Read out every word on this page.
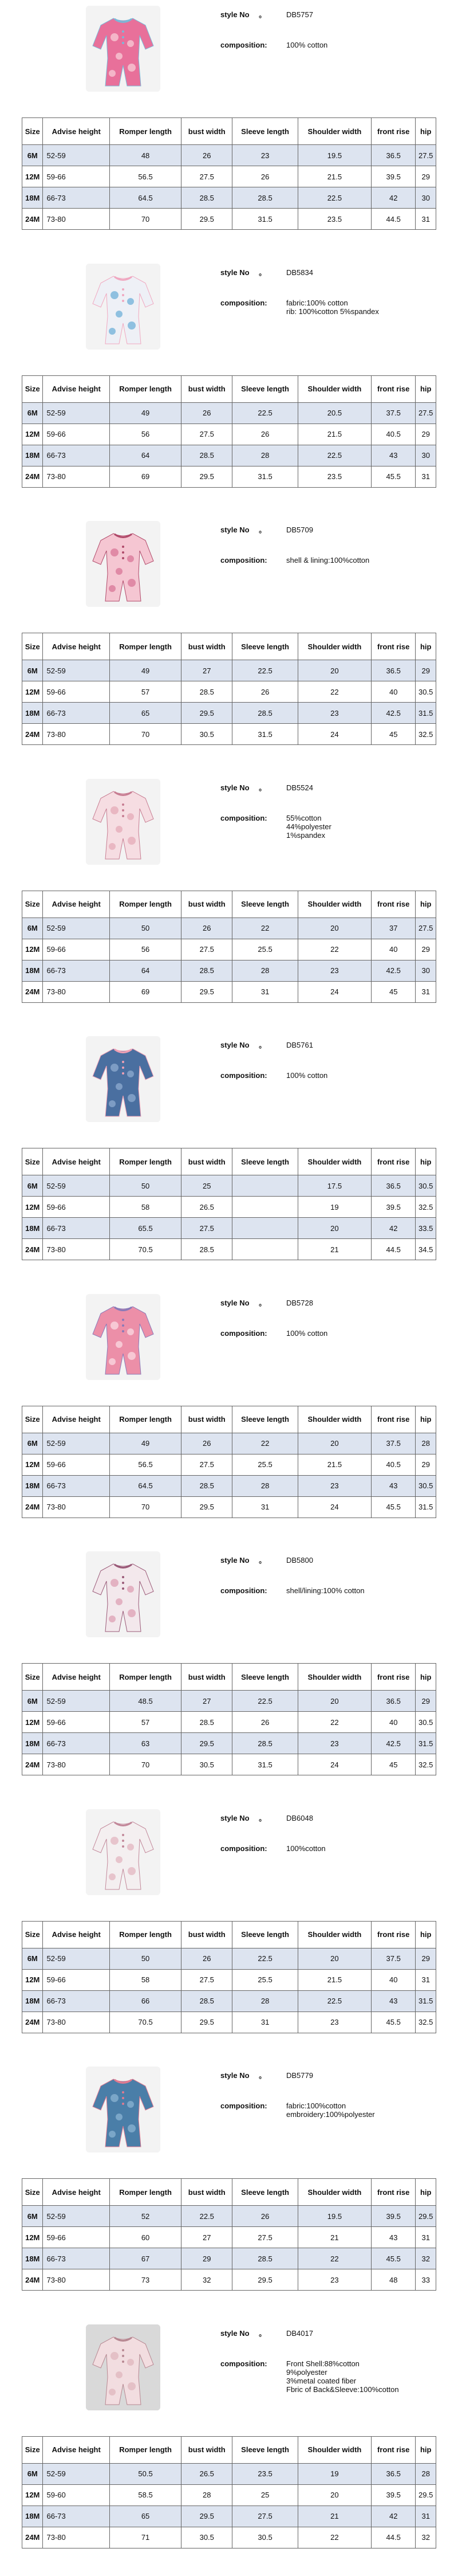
style No 　。	DB5757
composition:	100% cotton
Size	Advise height	Romper length	bust width	Sleeve length	Shoulder width	front rise	hip
6M	52-59	48	26	23	19.5	36.5	27.5
12M	59-66	56.5	27.5	26	21.5	39.5	29
18M	66-73	64.5	28.5	28.5	22.5	42	30
24M	73-80	70	29.5	31.5	23.5	44.5	31
style No 　。	DB5834
composition:	fabric:100% cotton
rib: 100%cotton 5%spandex
Size	Advise height	Romper length	bust width	Sleeve length	Shoulder width	front rise	hip
6M	52-59	49	26	22.5	20.5	37.5	27.5
12M	59-66	56	27.5	26	21.5	40.5	29
18M	66-73	64	28.5	28	22.5	43	30
24M	73-80	69	29.5	31.5	23.5	45.5	31
style No 　。	DB5709
composition:	shell & lining:100%cotton
Size	Advise height	Romper length	bust width	Sleeve length	Shoulder width	front rise	hip
6M	52-59	49	27	22.5	20	36.5	29
12M	59-66	57	28.5	26	22	40	30.5
18M	66-73	65	29.5	28.5	23	42.5	31.5
24M	73-80	70	30.5	31.5	24	45	32.5
style No 　。	DB5524
composition:	55%cotton
44%polyester
1%spandex
Size	Advise height	Romper length	bust width	Sleeve length	Shoulder width	front rise	hip
6M	52-59	50	26	22	20	37	27.5
12M	59-66	56	27.5	25.5	22	40	29
18M	66-73	64	28.5	28	23	42.5	30
24M	73-80	69	29.5	31	24	45	31
style No 　。	DB5761
composition:	100% cotton
Size	Advise height	Romper length	bust width	Sleeve length	Shoulder width	front rise	hip
6M	52-59	50	25		17.5	36.5	30.5
12M	59-66	58	26.5		19	39.5	32.5
18M	66-73	65.5	27.5		20	42	33.5
24M	73-80	70.5	28.5		21	44.5	34.5
style No 　。	DB5728
composition:	100% cotton
Size	Advise height	Romper length	bust width	Sleeve length	Shoulder width	front rise	hip
6M	52-59	49	26	22	20	37.5	28
12M	59-66	56.5	27.5	25.5	21.5	40.5	29
18M	66-73	64.5	28.5	28	23	43	30.5
24M	73-80	70	29.5	31	24	45.5	31.5
style No 　。	DB5800
composition:	shell/lining:100% cotton
Size	Advise height	Romper length	bust width	Sleeve length	Shoulder width	front rise	hip
6M	52-59	48.5	27	22.5	20	36.5	29
12M	59-66	57	28.5	26	22	40	30.5
18M	66-73	63	29.5	28.5	23	42.5	31.5
24M	73-80	70	30.5	31.5	24	45	32.5
style No 　。	DB6048
composition:	100%cotton
Size	Advise height	Romper length	bust width	Sleeve length	Shoulder width	front rise	hip
6M	52-59	50	26	22.5	20	37.5	29
12M	59-66	58	27.5	25.5	21.5	40	31
18M	66-73	66	28.5	28	22.5	43	31.5
24M	73-80	70.5	29.5	31	23	45.5	32.5
style No 　。	DB5779
composition:	fabric:100%cotton
embroidery:100%polyester
Size	Advise height	Romper length	bust width	Sleeve length	Shoulder width	front rise	hip
6M	52-59	52	22.5	26	19.5	39.5	29.5
12M	59-66	60	27	27.5	21	43	31
18M	66-73	67	29	28.5	22	45.5	32
24M	73-80	73	32	29.5	23	48	33
style No 　。	DB4017
composition:	Front Shell:88%cotton
9%polyester
3%metal coated fiber
Fbric of Back&Sleeve:100%cotton
Size	Advise height	Romper length	bust width	Sleeve length	Shoulder width	front rise	hip
6M	52-59	50.5	26.5	23.5	19	36.5	28
12M	59-60	58.5	28	25	20	39.5	29.5
18M	66-73	65	29.5	27.5	21	42	31
24M	73-80	71	30.5	30.5	22	44.5	32
